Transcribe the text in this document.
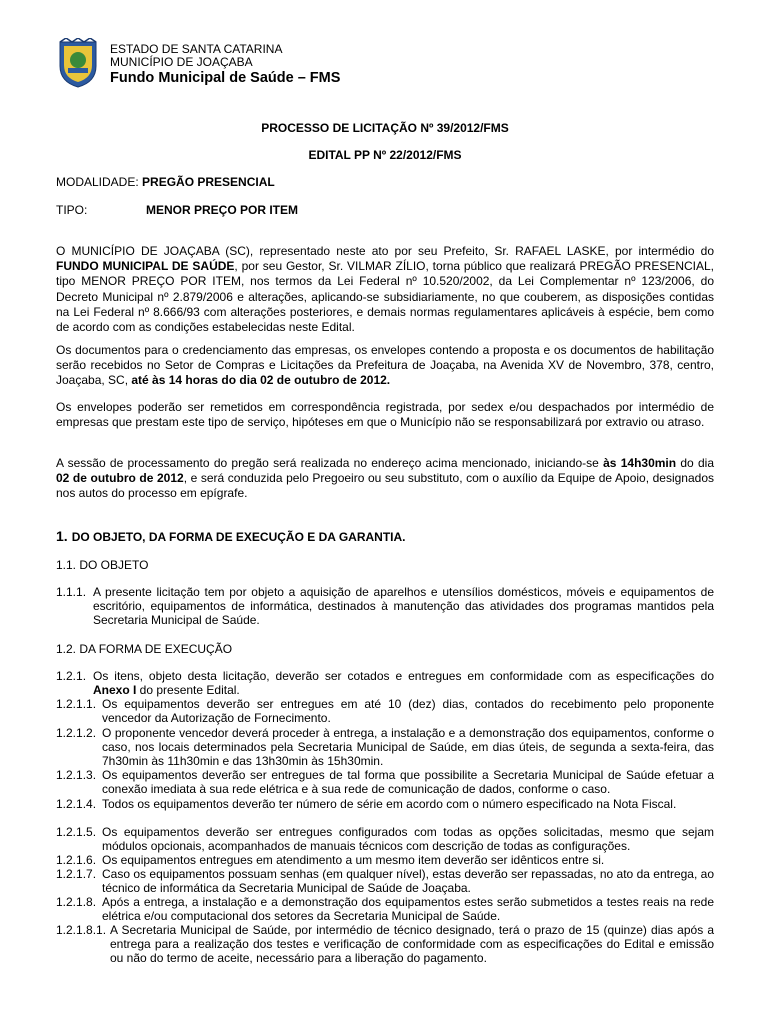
ESTADO DE SANTA CATARINA
MUNICÍPIO DE JOAÇABA
Fundo Municipal de Saúde – FMS
PROCESSO DE LICITAÇÃO Nº 39/2012/FMS
EDITAL PP Nº 22/2012/FMS
MODALIDADE: PREGÃO PRESENCIAL
TIPO:	MENOR PREÇO POR ITEM
O MUNICÍPIO DE JOAÇABA (SC), representado neste ato por seu Prefeito, Sr. RAFAEL LASKE, por intermédio do FUNDO MUNICIPAL DE SAÚDE, por seu Gestor, Sr. VILMAR ZÍLIO, torna público que realizará PREGÃO PRESENCIAL, tipo MENOR PREÇO POR ITEM, nos termos da Lei Federal nº 10.520/2002, da Lei Complementar nº 123/2006, do Decreto Municipal nº 2.879/2006 e alterações, aplicando-se subsidiariamente, no que couberem, as disposições contidas na Lei Federal nº 8.666/93 com alterações posteriores, e demais normas regulamentares aplicáveis à espécie, bem como de acordo com as condições estabelecidas neste Edital.
Os documentos para o credenciamento das empresas, os envelopes contendo a proposta e os documentos de habilitação serão recebidos no Setor de Compras e Licitações da Prefeitura de Joaçaba, na Avenida XV de Novembro, 378, centro, Joaçaba, SC, até às 14 horas do dia 02 de outubro de 2012.
Os envelopes poderão ser remetidos em correspondência registrada, por sedex e/ou despachados por intermédio de empresas que prestam este tipo de serviço, hipóteses em que o Município não se responsabilizará por extravio ou atraso.
A sessão de processamento do pregão será realizada no endereço acima mencionado, iniciando-se às 14h30min do dia 02 de outubro de 2012, e será conduzida pelo Pregoeiro ou seu substituto, com o auxílio da Equipe de Apoio, designados nos autos do processo em epígrafe.
1. DO OBJETO, DA FORMA DE EXECUÇÃO E DA GARANTIA.
1.1. DO OBJETO
1.1.1. A presente licitação tem por objeto a aquisição de aparelhos e utensílios domésticos, móveis e equipamentos de escritório, equipamentos de informática, destinados à manutenção das atividades dos programas mantidos pela Secretaria Municipal de Saúde.
1.2. DA FORMA DE EXECUÇÃO
1.2.1. Os itens, objeto desta licitação, deverão ser cotados e entregues em conformidade com as especificações do Anexo I do presente Edital.
1.2.1.1. Os equipamentos deverão ser entregues em até 10 (dez) dias, contados do recebimento pelo proponente vencedor da Autorização de Fornecimento.
1.2.1.2. O proponente vencedor deverá proceder à entrega, a instalação e a demonstração dos equipamentos, conforme o caso, nos locais determinados pela Secretaria Municipal de Saúde, em dias úteis, de segunda a sexta-feira, das 7h30min às 11h30min e das 13h30min às 15h30min.
1.2.1.3. Os equipamentos deverão ser entregues de tal forma que possibilite a Secretaria Municipal de Saúde efetuar a conexão imediata à sua rede elétrica e à sua rede de comunicação de dados, conforme o caso.
1.2.1.4. Todos os equipamentos deverão ter número de série em acordo com o número especificado na Nota Fiscal.
1.2.1.5. Os equipamentos deverão ser entregues configurados com todas as opções solicitadas, mesmo que sejam módulos opcionais, acompanhados de manuais técnicos com descrição de todas as configurações.
1.2.1.6. Os equipamentos entregues em atendimento a um mesmo item deverão ser idênticos entre si.
1.2.1.7. Caso os equipamentos possuam senhas (em qualquer nível), estas deverão ser repassadas, no ato da entrega, ao técnico de informática da Secretaria Municipal de Saúde de Joaçaba.
1.2.1.8. Após a entrega, a instalação e a demonstração dos equipamentos estes serão submetidos a testes reais na rede elétrica e/ou computacional dos setores da Secretaria Municipal de Saúde.
1.2.1.8.1. A Secretaria Municipal de Saúde, por intermédio de técnico designado, terá o prazo de 15 (quinze) dias após a entrega para a realização dos testes e verificação de conformidade com as especificações do Edital e emissão ou não do termo de aceite, necessário para a liberação do pagamento.
